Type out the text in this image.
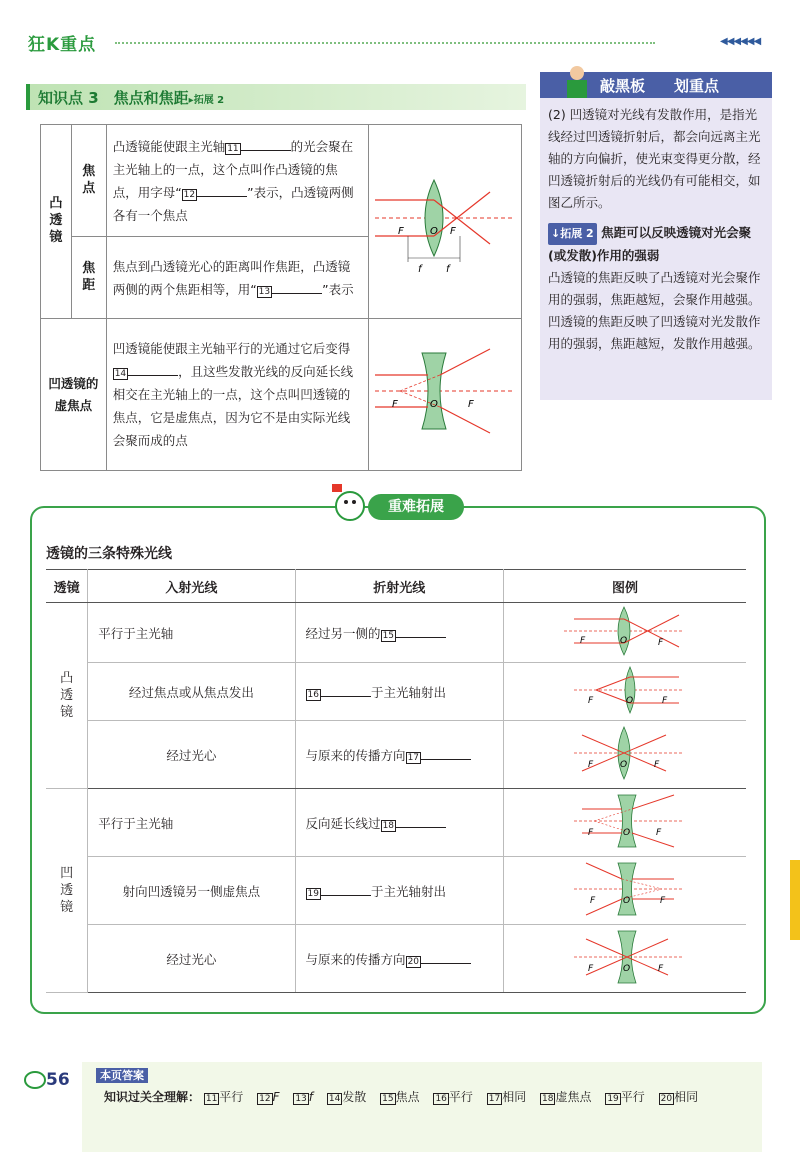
狂K重点	◀◀◀◀◀◀
知识点 3　焦点和焦距▸拓展 2
敲黑板	划重点
(2) 凹透镜对光线有发散作用，是指光线经过凹透镜折射后，都会向远离主光轴的方向偏折，使光束变得更分散，经凹透镜折射后的光线仍有可能相交，如图乙所示。
↓拓展 2 焦距可以反映透镜对光会聚(或发散)作用的强弱
凸透镜的焦距反映了凸透镜对光会聚作用的强弱，焦距越短，会聚作用越强。凹透镜的焦距反映了凹透镜对光发散作用的强弱，焦距越短，发散作用越强。
凸透镜	焦点	凸透镜能使跟主光轴 11 的光会聚在主光轴上的一点，这个点叫作凸透镜的焦点，用字母“ 12 ”表示，凸透镜两侧各有一个焦点	F O F
f f

	焦距	焦点到凸透镜光心的距离叫作焦距，凸透镜两侧的两个焦距相等，用“ 13 ”表示	
凹透镜的虚焦点		凹透镜能使跟主光轴平行的光通过它后变得14 ，且这些发散光线的反向延长线相交在主光轴上的一点，这个点叫凹透镜的焦点，它是虚焦点，因为它不是由实际光线会聚而成的点	F O F
重难拓展
透镜的三条特殊光线
透镜	入射光线	折射光线	图例
凸透镜	平行于主光轴	经过另一侧的 15	F O F

	经过焦点或从焦点发出	16 于主光轴射出	F O F

	经过光心	与原来的传播方向 17	F O F

凹透镜	平行于主光轴	反向延长线过 18	F O F

	射向凹透镜另一侧虚焦点	19 于主光轴射出	F O F

	经过光心	与原来的传播方向 20	F O F
56	本页答案
知识过关全理解： 11 平行 12 F 13 f 14 发散 15 焦点 16 平行 17 相同 18 虚焦点 19 平行 20 相同
